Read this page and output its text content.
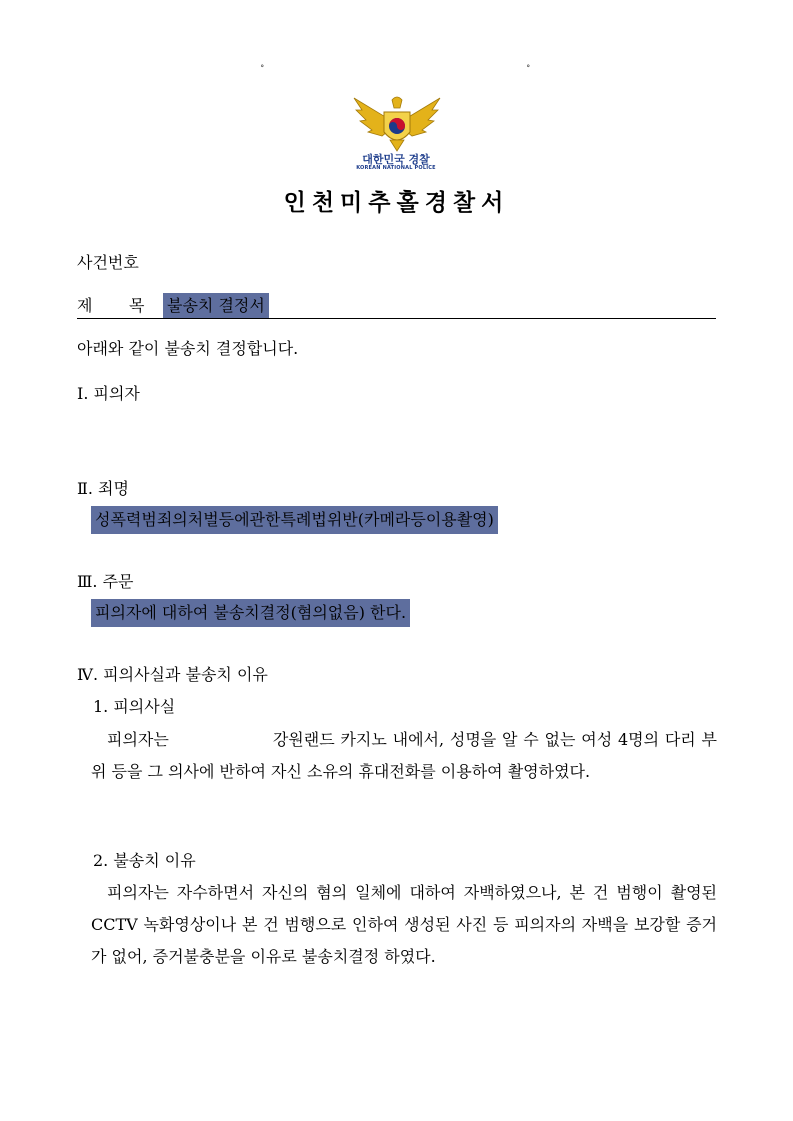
˚	˚
대한민국 경찰
KOREAN NATIONAL POLICE
인천미추홀경찰서
사건번호
제 목 불송치 결정서
아래와 같이 불송치 결정합니다.
Ⅰ. 피의자
Ⅱ. 죄명
성폭력범죄의처벌등에관한특례법위반(카메라등이용촬영)
Ⅲ. 주문
피의자에 대하여 불송치결정(혐의없음) 한다.
Ⅳ. 피의사실과 불송치 이유
1. 피의사실
피의자는	강원랜드 카지노 내에서, 성명을 알 수 없는 여성 4명의 다리 부위 등을 그 의사에 반하여 자신 소유의 휴대전화를 이용하여 촬영하였다.
2. 불송치 이유
피의자는 자수하면서 자신의 혐의 일체에 대하여 자백하였으나, 본 건 범행이 촬영된 CCTV 녹화영상이나 본 건 범행으로 인하여 생성된 사진 등 피의자의 자백을 보강할 증거가 없어, 증거불충분을 이유로 불송치결정 하였다.
